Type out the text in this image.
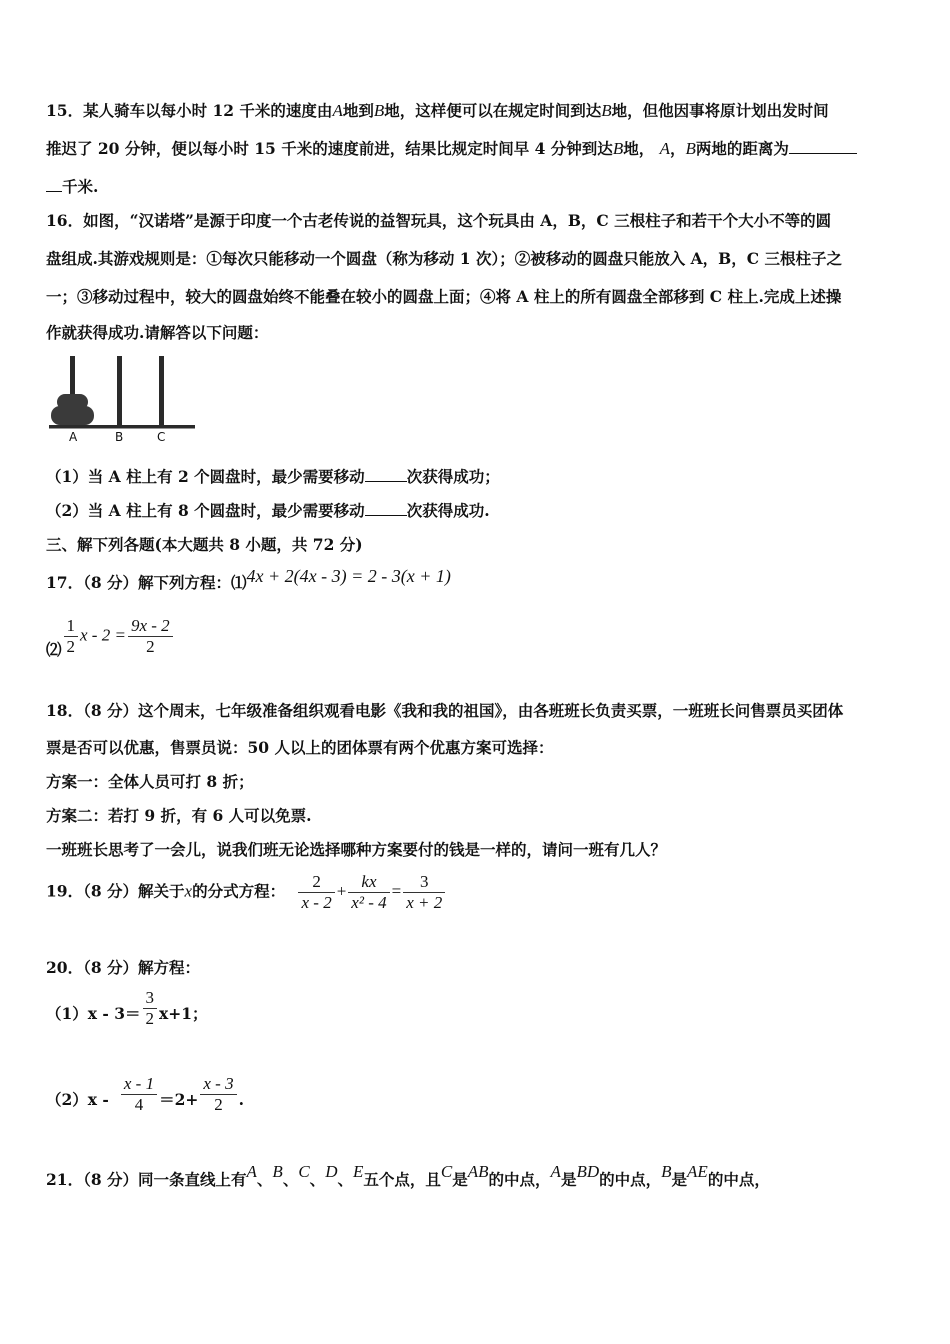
15．某人骑车以每小时 12 千米的速度由A地到B地，这样便可以在规定时间到达B地，但他因事将原计划出发时间
推迟了 20 分钟，便以每小时 15 千米的速度前进，结果比规定时间早 4 分钟到达B地， A，B两地的距离为
千米.
16．如图，“汉诺塔”是源于印度一个古老传说的益智玩具，这个玩具由 A，B，C 三根柱子和若干个大小不等的圆
盘组成.其游戏规则是：①每次只能移动一个圆盘（称为移动 1 次）；②被移动的圆盘只能放入 A，B，C 三根柱子之
一；③移动过程中，较大的圆盘始终不能叠在较小的圆盘上面；④将 A 柱上的所有圆盘全部移到 C 柱上.完成上述操
作就获得成功.请解答以下问题：
A	B	C
（1）当 A 柱上有 2 个圆盘时，最少需要移动	次获得成功；
（2）当 A 柱上有 8 个圆盘时，最少需要移动	次获得成功.
三、解下列各题(本大题共 8 小题，共 72 分)
17．（8 分）解下列方程：⑴4x + 2(4x - 3) = 2 - 3(x + 1)
⑵ $\frac{1}{2}$ $x - 2 = \frac{9x - 2}{2}$
18．（8 分）这个周末，七年级准备组织观看电影《我和我的祖国》，由各班班长负责买票，一班班长问售票员买团体
票是否可以优惠，售票员说：50 人以上的团体票有两个优惠方案可选择：
方案一：全体人员可打 8 折；
方案二：若打 9 折，有 6 人可以免票.
一班班长思考了一会儿，说我们班无论选择哪种方案要付的钱是一样的，请问一班有几人？
19．（8 分）解关于x的分式方程： $\frac{2}{x - 2} + \frac{kx}{\text{x² - 4}} = \frac{3}{x + 2}$
20．（8 分）解方程：
$(1)x - 3= \frac{3}{2} x+1$；
$(2)x - \frac{x - 1}{4} =2+ \frac{x - 3}{2}$ .
21．（8 分）同一条直线上有A、B、C、D、E五个点，且C是AB的中点，A是BD的中点，B是AE的中点，
